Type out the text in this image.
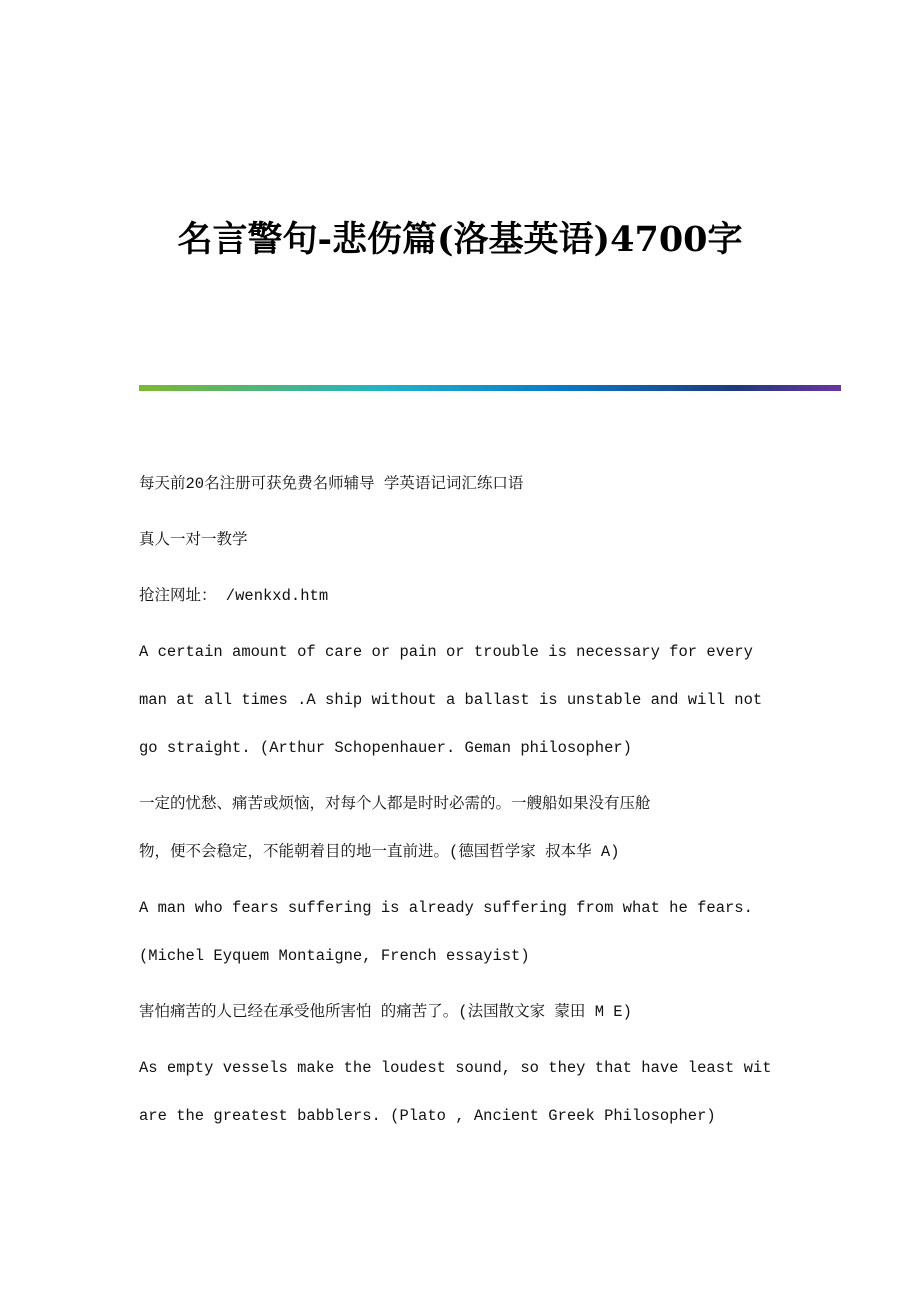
名言警句-悲伤篇(洛基英语)4700字
每天前20名注册可获免费名师辅导 学英语记词汇练口语
真人一对一教学
抢注网址： /wenkxd.htm
A certain amount of care or pain or trouble is necessary for every
man at all times .A ship without a ballast is unstable and will not
go straight. (Arthur Schopenhauer. Geman philosopher)
一定的忧愁、痛苦或烦恼，对每个人都是时时必需的。一艘船如果没有压舱
物，便不会稳定，不能朝着目的地一直前进。(德国哲学家 叔本华 A)
A man who fears suffering is already suffering from what he fears.
(Michel Eyquem Montaigne, French essayist)
害怕痛苦的人已经在承受他所害怕 的痛苦了。(法国散文家 蒙田 M E)
As empty vessels make the loudest sound, so they that have least wit
are the greatest babblers. (Plato , Ancient Greek Philosopher)
